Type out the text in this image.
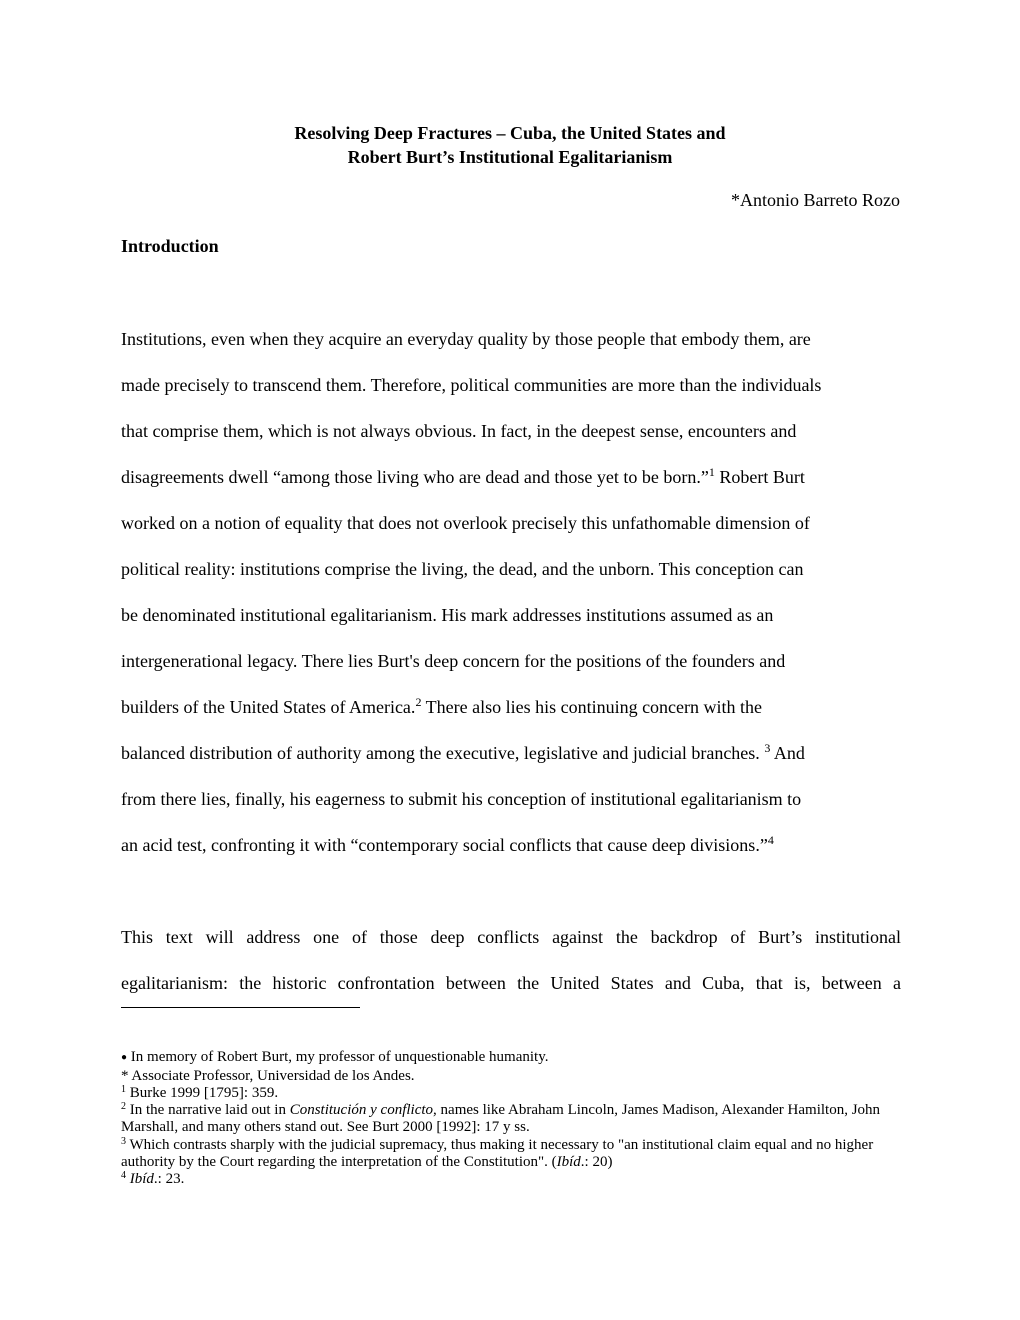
Resolving Deep Fractures – Cuba, the United States and
Robert Burt’s Institutional Egalitarianism
*Antonio Barreto Rozo
Introduction
Institutions, even when they acquire an everyday quality by those people that embody them, are
made precisely to transcend them. Therefore, political communities are more than the individuals
that comprise them, which is not always obvious. In fact, in the deepest sense, encounters and
disagreements dwell “among those living who are dead and those yet to be born.”$^1$ Robert Burt
worked on a notion of equality that does not overlook precisely this unfathomable dimension of
political reality: institutions comprise the living, the dead, and the unborn. This conception can
be denominated institutional egalitarianism. His mark addresses institutions assumed as an
intergenerational legacy. There lies Burt's deep concern for the positions of the founders and
builders of the United States of America.$^2$ There also lies his continuing concern with the
balanced distribution of authority among the executive, legislative and judicial branches. $^3$ And
from there lies, finally, his eagerness to submit his conception of institutional egalitarianism to
an acid test, confronting it with “contemporary social conflicts that cause deep divisions.”$^4$
This text will address one of those deep conflicts against the backdrop of Burt’s institutional
egalitarianism: the historic confrontation between the United States and Cuba, that is, between a
● In memory of Robert Burt, my professor of unquestionable humanity.
* Associate Professor, Universidad de los Andes.
$^1$ Burke 1999 [1795]: 359.
$^2$ In the narrative laid out in Constitución y conflicto, names like Abraham Lincoln, James Madison, Alexander Hamilton, John Marshall, and many others stand out. See Burt 2000 [1992]: 17 y ss.
$^3$ Which contrasts sharply with the judicial supremacy, thus making it necessary to "an institutional claim equal and no higher authority by the Court regarding the interpretation of the Constitution". (Ibíd.: 20)
$^4$ Ibíd.: 23.
